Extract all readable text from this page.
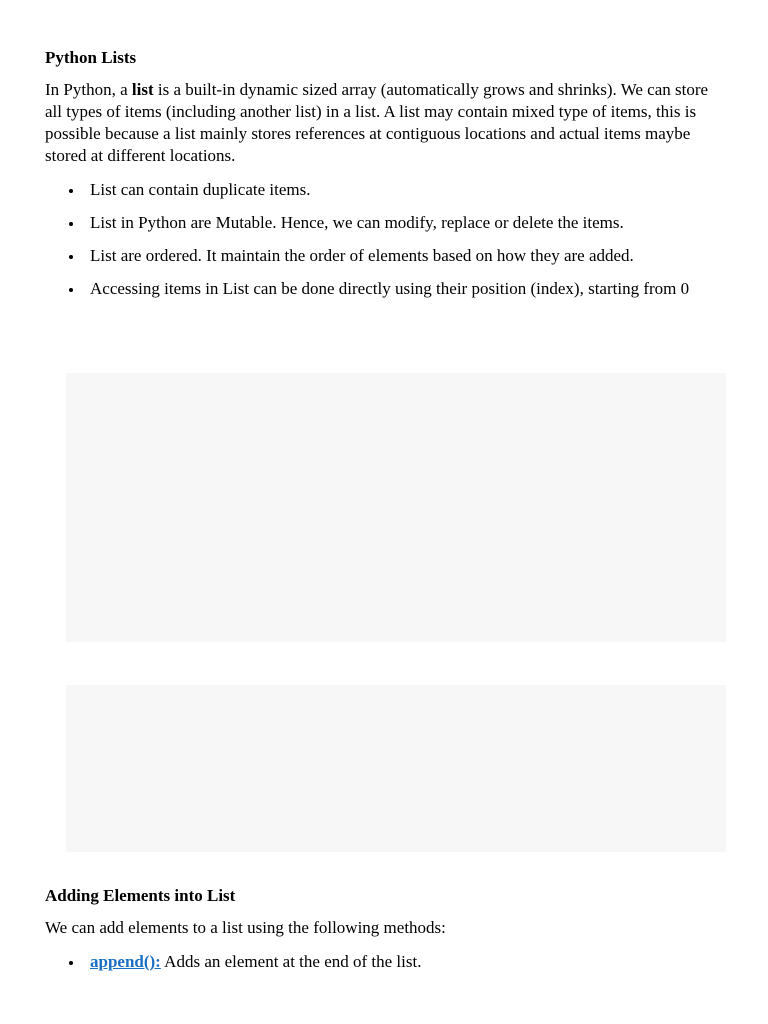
Python Lists

In Python, a list is a built-in dynamic sized array (automatically grows and shrinks). We can store all types of items (including another list) in a list. A list may contain mixed type of items, this is possible because a list mainly stores references at contiguous locations and actual items maybe stored at different locations.

List can contain duplicate items.
List in Python are Mutable. Hence, we can modify, replace or delete the items.
List are ordered. It maintain the order of elements based on how they are added.
Accessing items in List can be done directly using their position (index), starting from 0
Adding Elements into List

We can add elements to a list using the following methods:

append(): Adds an element at the end of the list.
